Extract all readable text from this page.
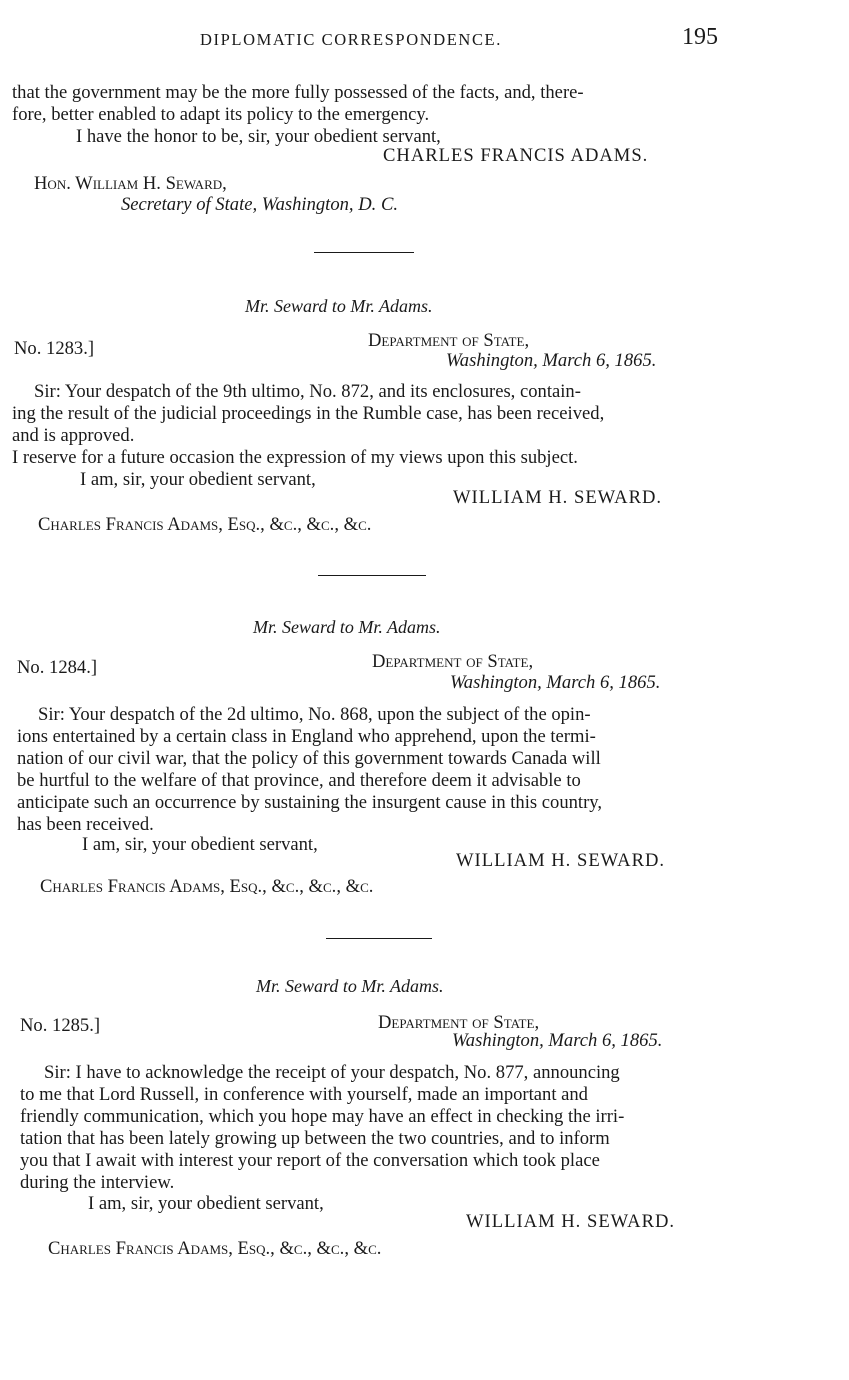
DIPLOMATIC CORRESPONDENCE.	195
that the government may be the more fully possessed of the facts, and, there-
fore, better enabled to adapt its policy to the emergency.
I have the honor to be, sir, your obedient servant,
CHARLES FRANCIS ADAMS.
Hon. William H. Seward,
Secretary of State, Washington, D. C.
Mr. Seward to Mr. Adams.
No. 1283.]	Department of State,
Washington, March 6, 1865.
Sir: Your despatch of the 9th ultimo, No. 872, and its enclosures, contain-
ing the result of the judicial proceedings in the Rumble case, has been received,
and is approved.
I reserve for a future occasion the expression of my views upon this subject.
I am, sir, your obedient servant,
WILLIAM H. SEWARD.
Charles Francis Adams, Esq., &c., &c., &c.
Mr. Seward to Mr. Adams.
No. 1284.]	Department of State,
Washington, March 6, 1865.
Sir: Your despatch of the 2d ultimo, No. 868, upon the subject of the opin-
ions entertained by a certain class in England who apprehend, upon the termi-
nation of our civil war, that the policy of this government towards Canada will
be hurtful to the welfare of that province, and therefore deem it advisable to
anticipate such an occurrence by sustaining the insurgent cause in this country,
has been received.
I am, sir, your obedient servant,
WILLIAM H. SEWARD.
Charles Francis Adams, Esq., &c., &c., &c.
Mr. Seward to Mr. Adams.
No. 1285.]	Department of State,
Washington, March 6, 1865.
Sir: I have to acknowledge the receipt of your despatch, No. 877, announcing
to me that Lord Russell, in conference with yourself, made an important and
friendly communication, which you hope may have an effect in checking the irri-
tation that has been lately growing up between the two countries, and to inform
you that I await with interest your report of the conversation which took place
during the interview.
I am, sir, your obedient servant,
WILLIAM H. SEWARD.
Charles Francis Adams, Esq., &c., &c., &c.
